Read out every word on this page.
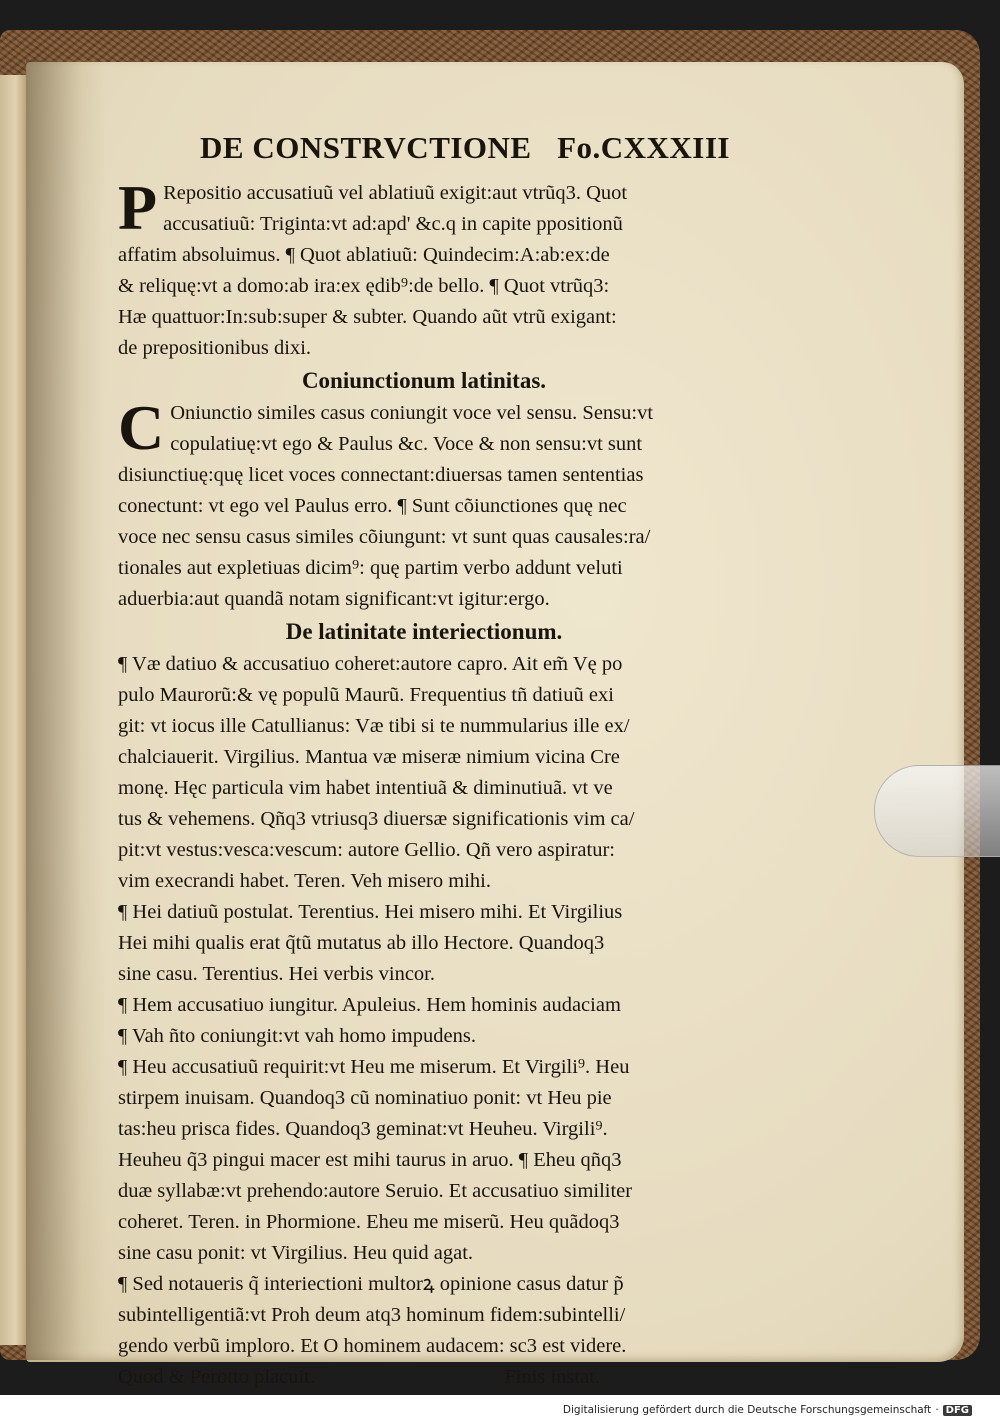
DE CONSTRVCTIONE Fo.CXXXIII
P Repositio accusatiuũ vel ablatiuũ exigit:aut vtrũq3. Quot
accusatiuũ: Triginta:vt ad:apd' &c.q in capite ppositionũ
affatim absoluimus. ¶ Quot ablatiuũ: Quindecim:A:ab:ex:de
& reliquę:vt a domo:ab ira:ex ędib⁹:de bello. ¶ Quot vtrũq3:
Hæ quattuor:In:sub:super & subter. Quando aũt vtrũ exigant:
de prepositionibus dixi.
Coniunctionum latinitas.
C Oniunctio similes casus coniungit voce vel sensu. Sensu:vt
copulatiuę:vt ego & Paulus &c. Voce & non sensu:vt sunt
disiunctiuę:quę licet voces connectant:diuersas tamen sententias
conectunt: vt ego vel Paulus erro. ¶ Sunt cõiunctiones quę nec
voce nec sensu casus similes cõiungunt: vt sunt quas causales:ra/
tionales aut expletiuas dicim⁹: quę partim verbo addunt veluti
aduerbia:aut quandã notam significant:vt igitur:ergo.
De latinitate interiectionum.
¶ Væ datiuo & accusatiuo coheret:autore capro. Ait em̃ Vę po
pulo Maurorũ:& vę populũ Maurũ. Frequentius tñ datiuũ exi
git: vt iocus ille Catullianus: Væ tibi si te nummularius ille ex/
chalciauerit. Virgilius. Mantua væ miseræ nimium vicina Cre
monę. Hęc particula vim habet intentiuã & diminutiuã. vt ve
tus & vehemens. Qñq3 vtriusq3 diuersæ significationis vim ca/
pit:vt vestus:vesca:vescum: autore Gellio. Qñ vero aspiratur:
vim execrandi habet. Teren. Veh misero mihi.
¶ Hei datiuũ postulat. Terentius. Hei misero mihi. Et Virgilius
Hei mihi qualis erat q̃tũ mutatus ab illo Hectore. Quandoq3
sine casu. Terentius. Hei verbis vincor.
¶ Hem accusatiuo iungitur. Apuleius. Hem hominis audaciam
¶ Vah ñto coniungit:vt vah homo impudens.
¶ Heu accusatiuũ requirit:vt Heu me miserum. Et Virgili⁹. Heu
stirpem inuisam. Quandoq3 cũ nominatiuo ponit: vt Heu pie
tas:heu prisca fides. Quandoq3 geminat:vt Heuheu. Virgili⁹.
Heuheu q̃3 pingui macer est mihi taurus in aruo. ¶ Eheu qñq3
duæ syllabæ:vt prehendo:autore Seruio. Et accusatiuo similiter
coheret. Teren. in Phormione. Eheu me miserũ. Heu quãdoq3
sine casu ponit: vt Virgilius. Heu quid agat.
¶ Sed notaueris q̃ interiectioni multorꝝ opinione casus datur p̃
subintelligentiã:vt Proh deum atq3 hominum fidem:subintelli/
gendo verbũ imploro. Et O hominem audacem: sc3 est videre.
Quod & Perotto placuit.	Finis instat.
Digitalisierung gefördert durch die Deutsche Forschungsgemeinschaft · DFG
